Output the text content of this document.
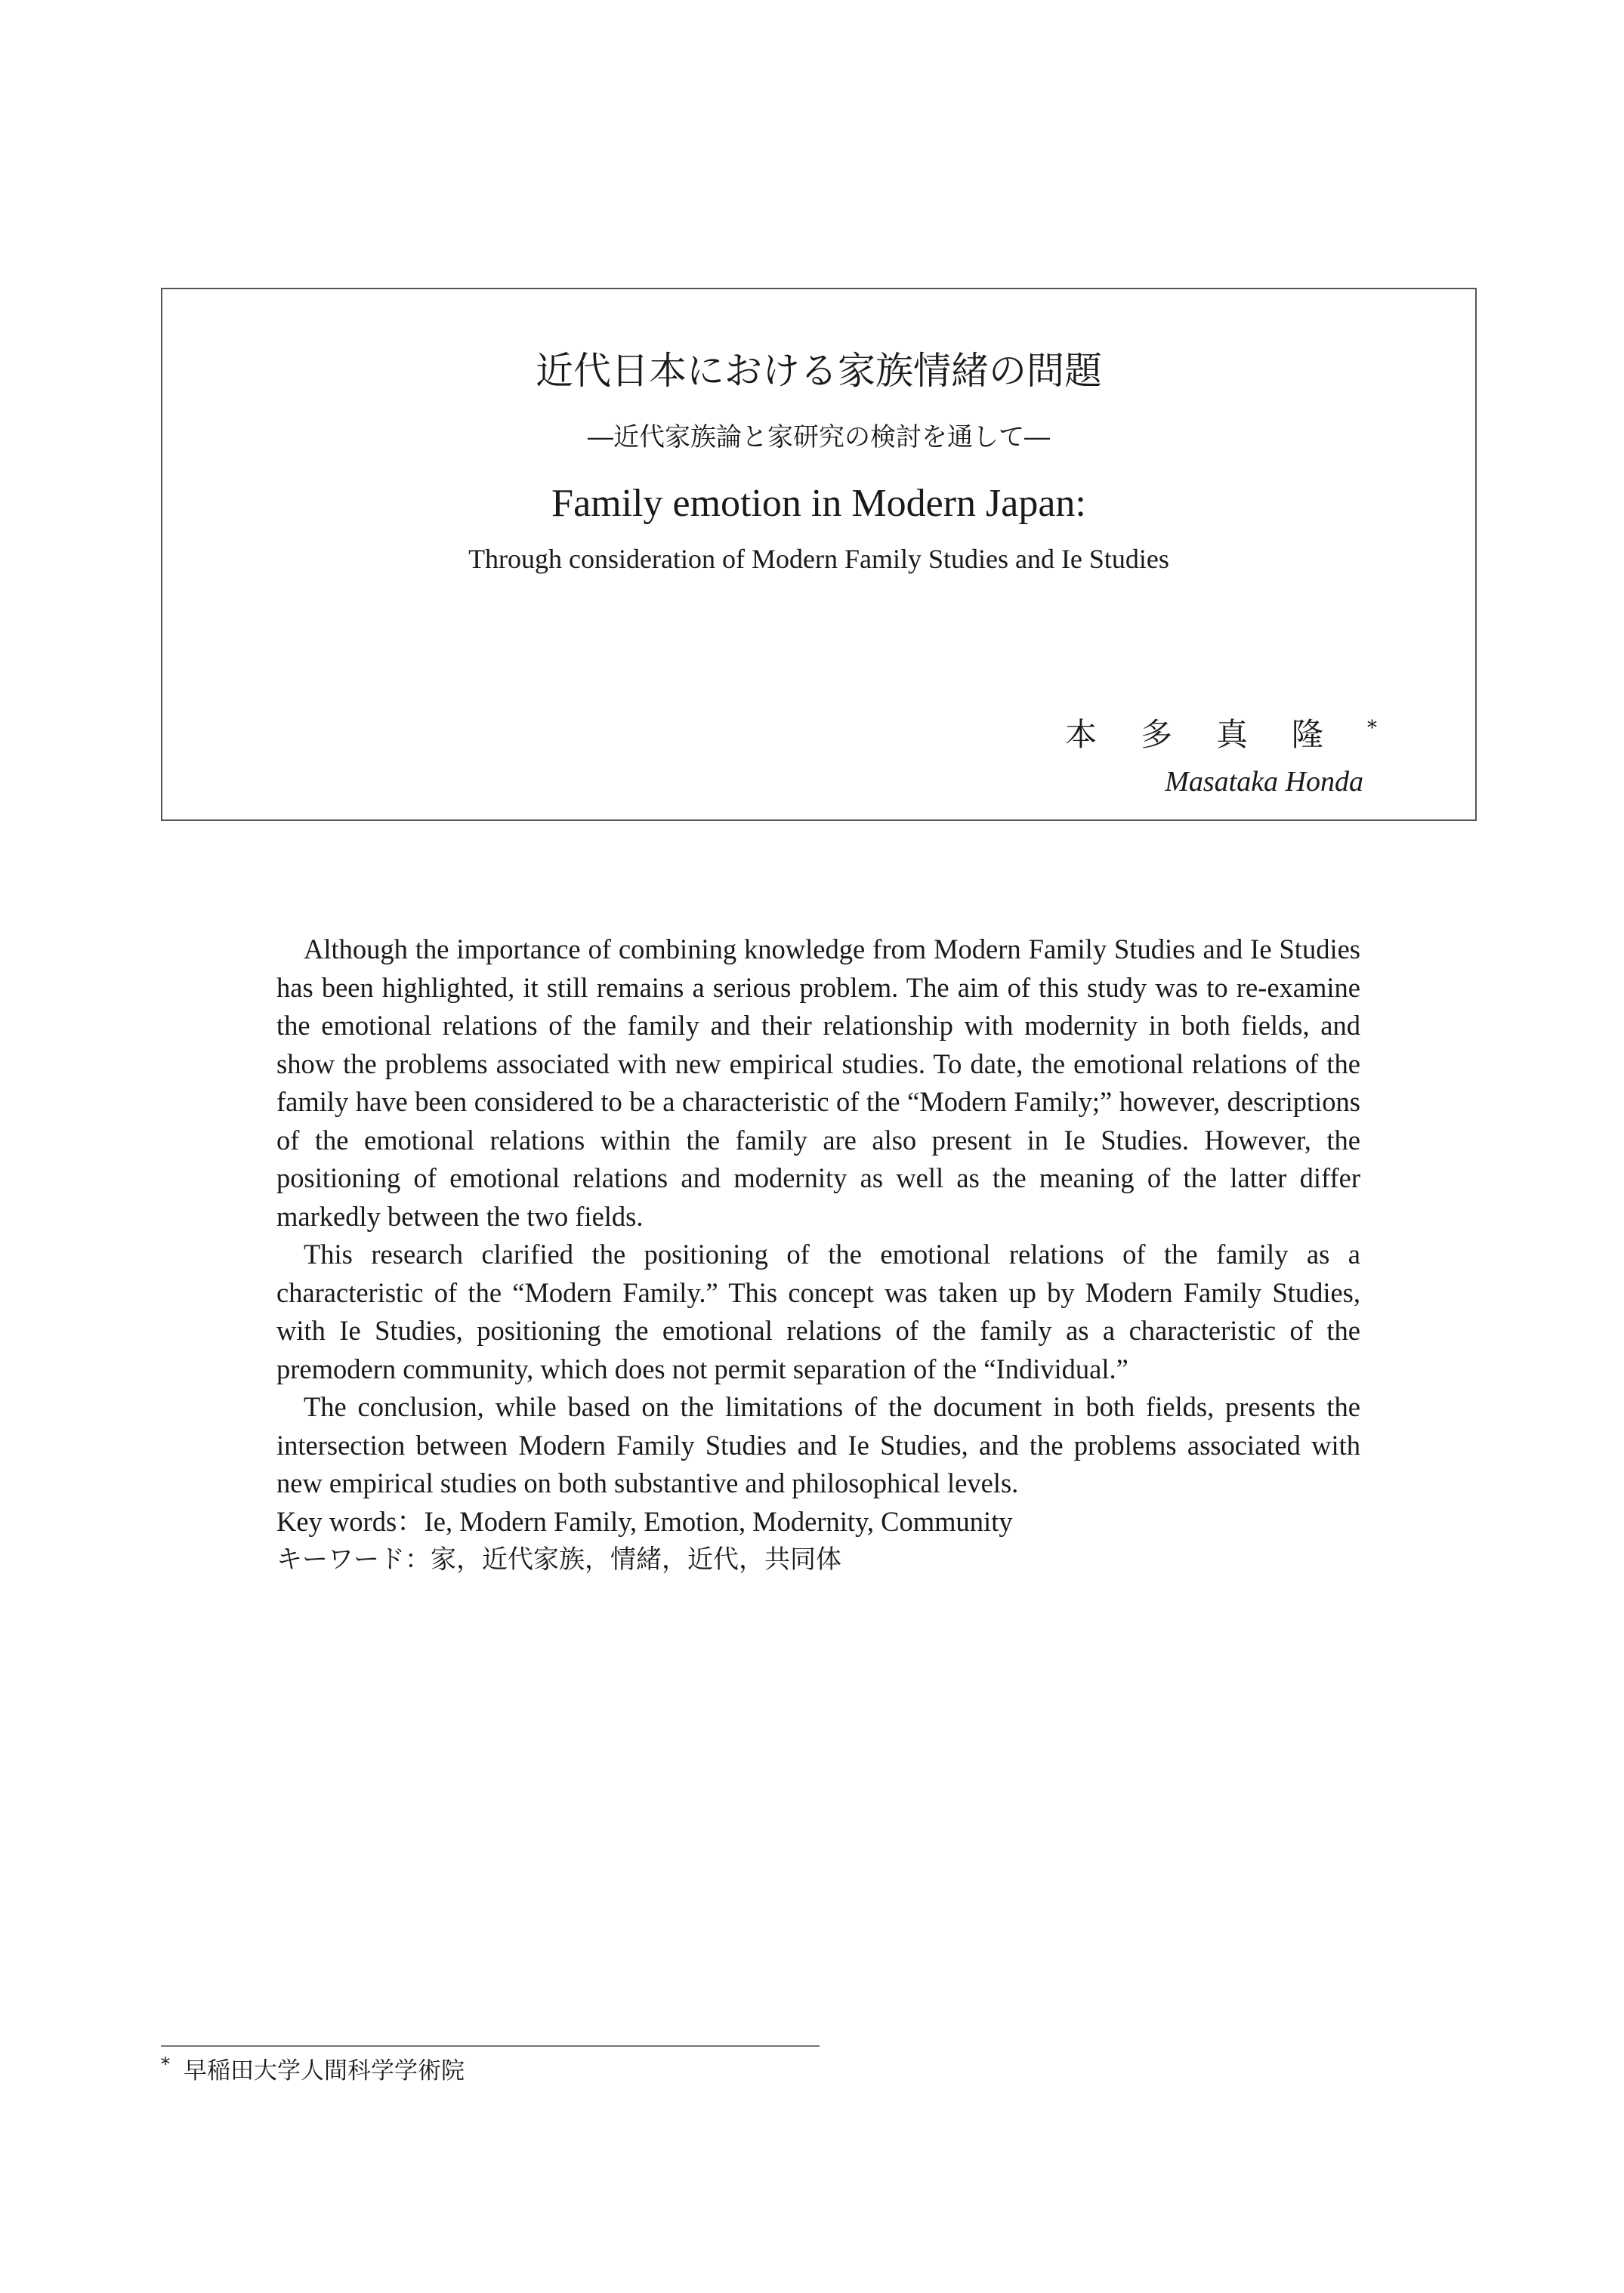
近代日本における家族情緒の問題
―近代家族論と家研究の検討を通して―
Family emotion in Modern Japan:
Through consideration of Modern Family Studies and Ie Studies
本多真隆*
Masataka Honda

Although the importance of combining knowledge from Modern Family Studies and Ie Studies has been highlighted, it still remains a serious problem. The aim of this study was to re-examine the emotional relations of the family and their relationship with modernity in both fields, and show the problems associated with new empirical studies. To date, the emotional relations of the family have been considered to be a characteristic of the “Modern Family;” however, descriptions of the emotional relations within the family are also present in Ie Studies. However, the positioning of emotional relations and modernity as well as the meaning of the latter differ markedly between the two fields.

This research clarified the positioning of the emotional relations of the family as a characteristic of the “Modern Family.” This concept was taken up by Modern Family Studies, with Ie Studies, positioning the emotional relations of the family as a characteristic of the premodern community, which does not permit separation of the “Individual.”

The conclusion, while based on the limitations of the document in both fields, presents the intersection between Modern Family Studies and Ie Studies, and the problems associated with new empirical studies on both substantive and philosophical levels.

Key words：Ie, Modern Family, Emotion, Modernity, Community

キーワード：家，近代家族，情緒，近代，共同体

* 早稲田大学人間科学学術院
